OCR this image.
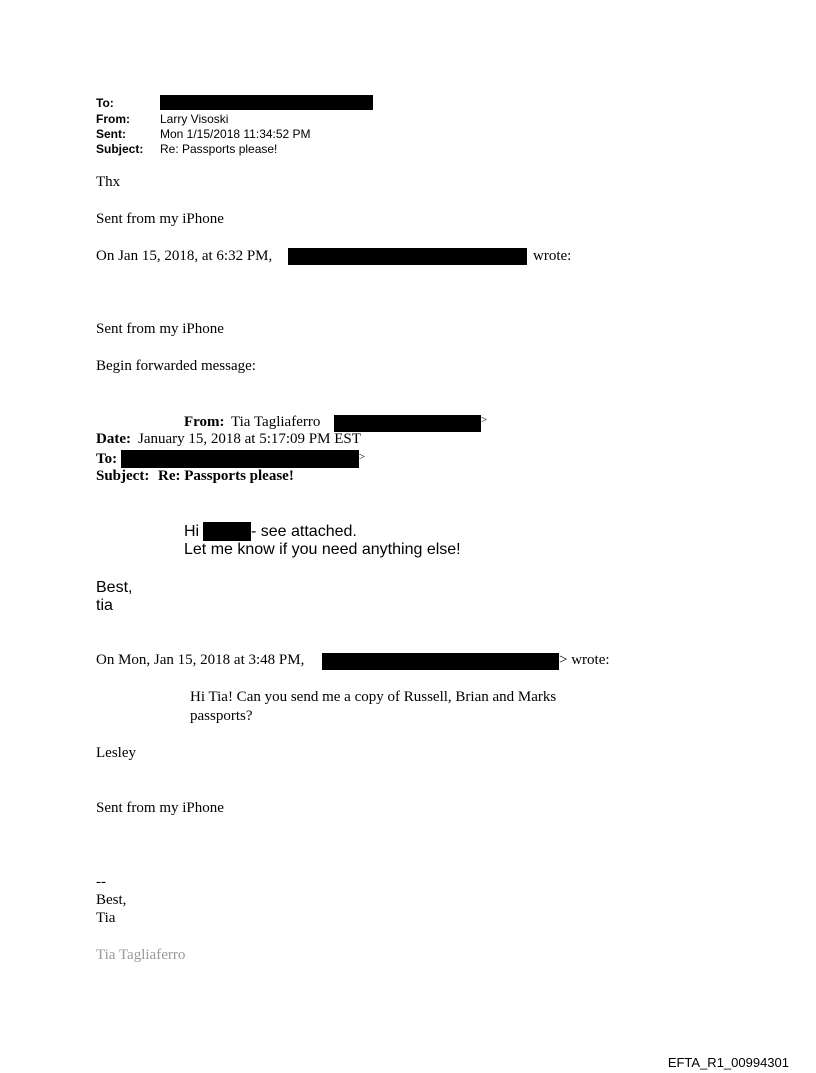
To:
From:	Larry Visoski
Sent:	Mon 1/15/2018 11:34:52 PM
Subject: Re: Passports please!
Thx
Sent from my iPhone
On Jan 15, 2018, at 6:32 PM,	wrote:
Sent from my iPhone
Begin forwarded message:
From: Tia Tagliaferro	>
Date: January 15, 2018 at 5:17:09 PM EST
To:	>
Subject: Re: Passports please!
Hi	- see attached.
Let me know if you need anything else!
Best,
tia
On Mon, Jan 15, 2018 at 3:48 PM,	> wrote:
Hi Tia! Can you send me a copy of Russell, Brian and Marks
passports?
Lesley
Sent from my iPhone
--
Best,
Tia
Tia Tagliaferro
EFTA_R1_00994301
